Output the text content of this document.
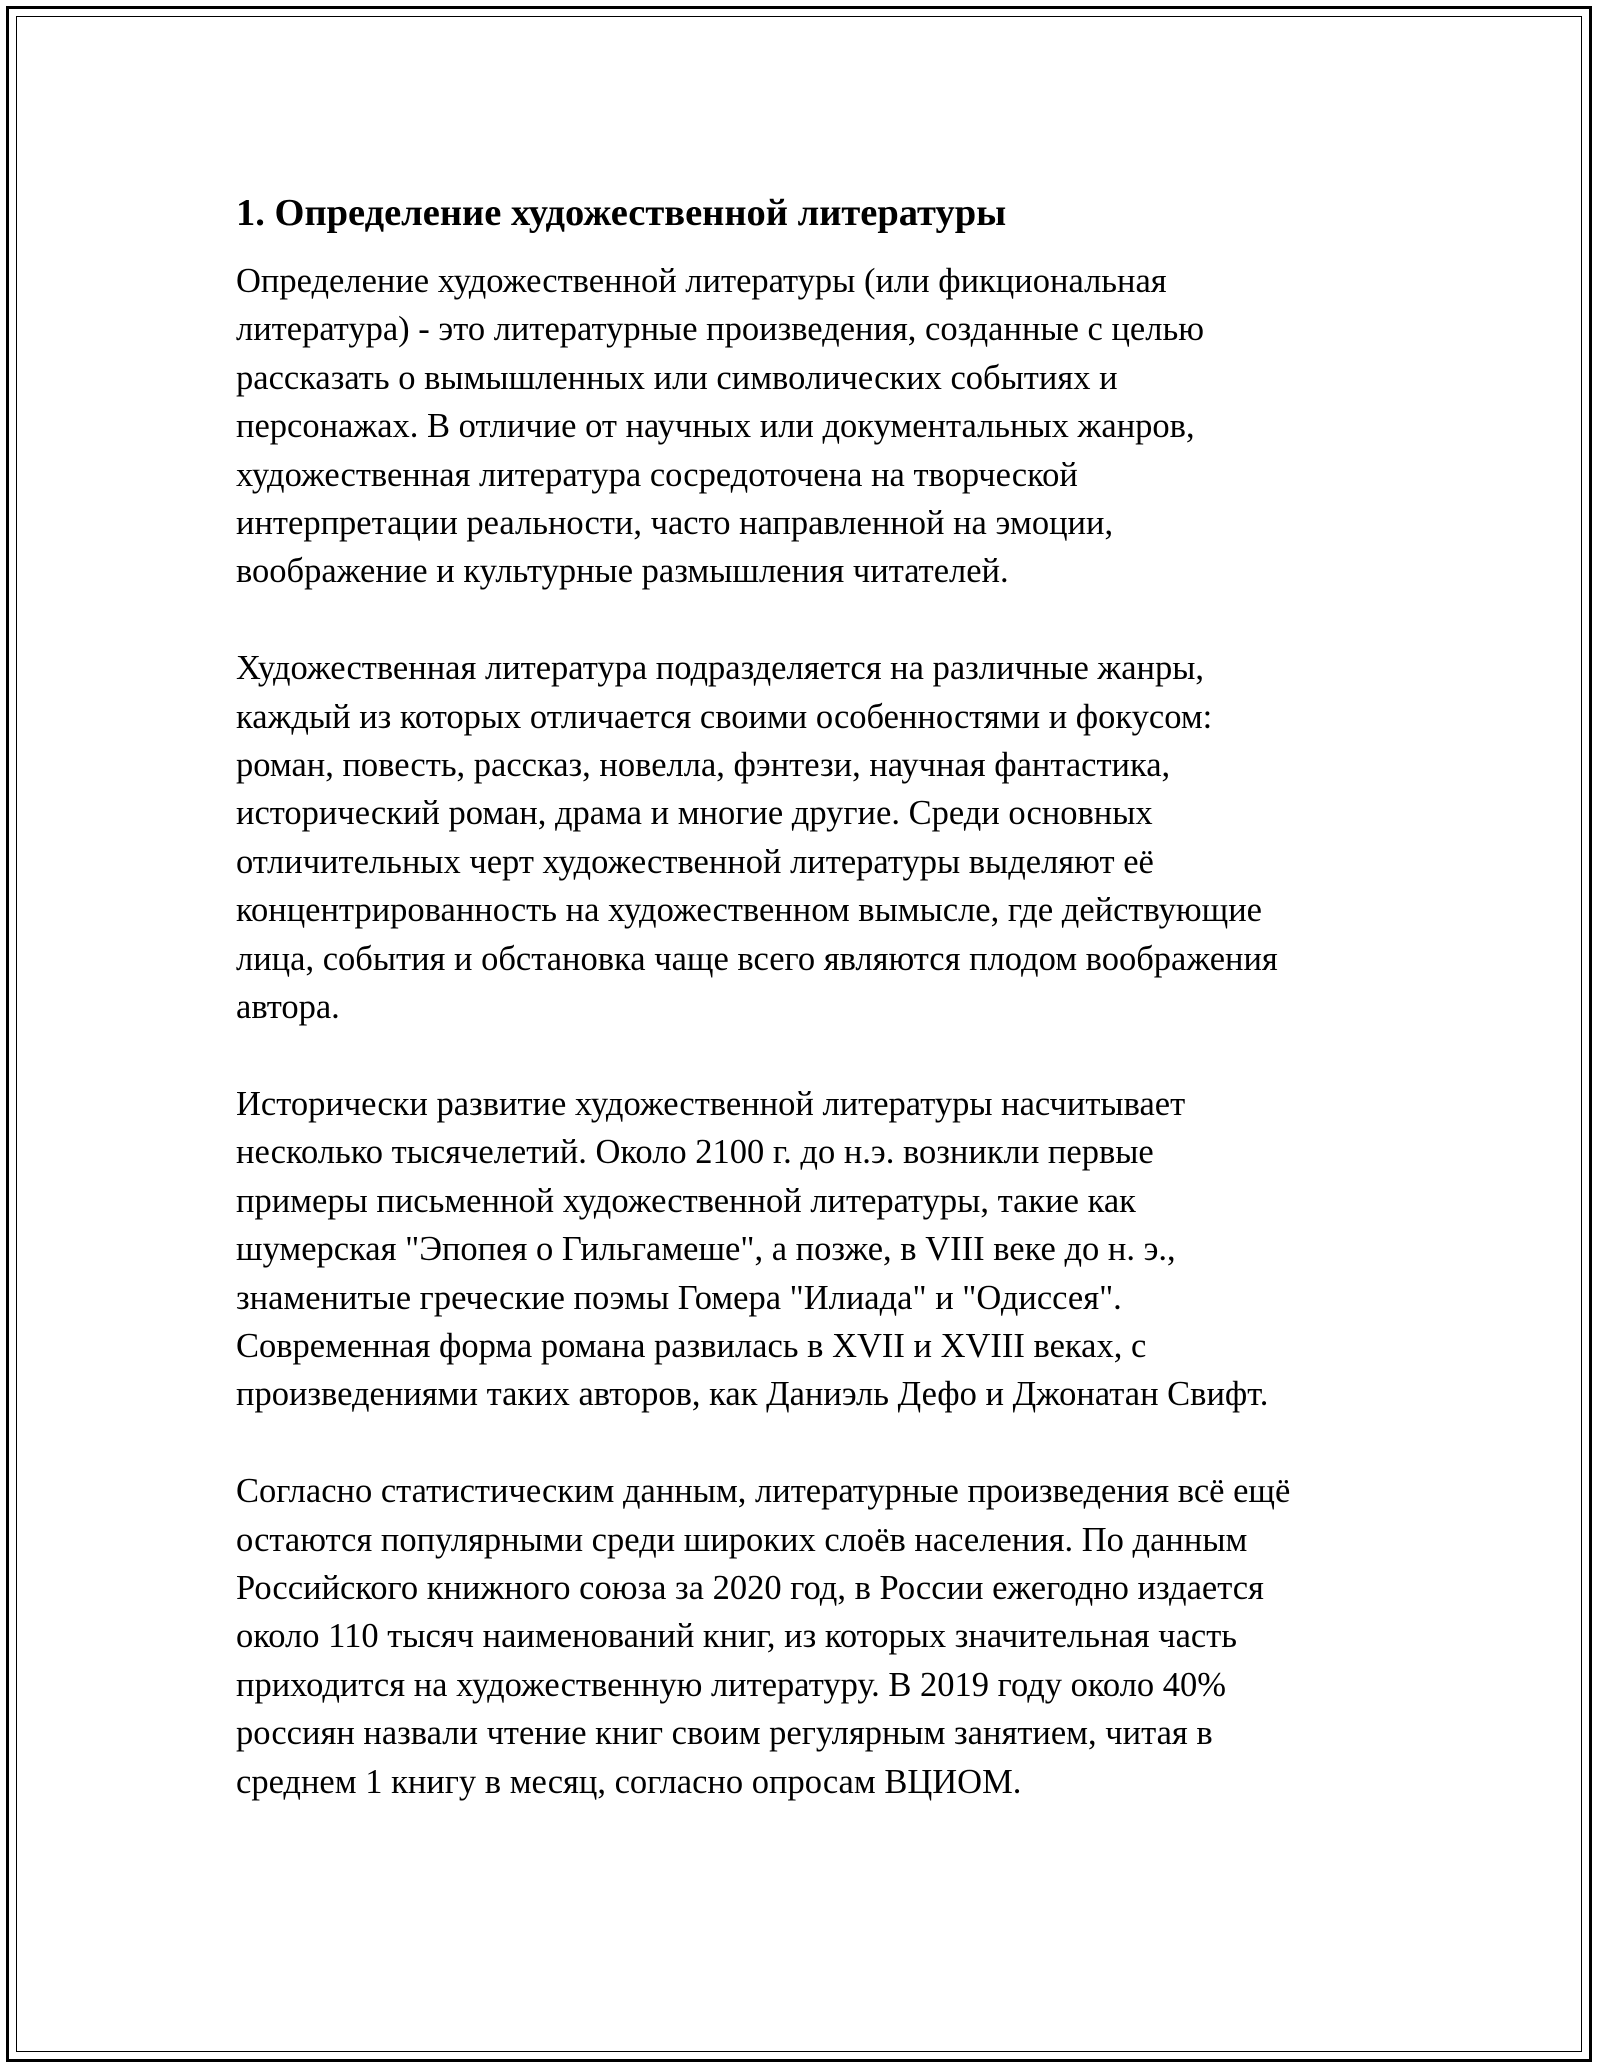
1. Определение художественной литературы

Определение художественной литературы (или фикциональная
литература) - это литературные произведения, созданные с целью
рассказать о вымышленных или символических событиях и
персонажах. В отличие от научных или документальных жанров,
художественная литература сосредоточена на творческой
интерпретации реальности, часто направленной на эмоции,
воображение и культурные размышления читателей.

Художественная литература подразделяется на различные жанры,
каждый из которых отличается своими особенностями и фокусом:
роман, повесть, рассказ, новелла, фэнтези, научная фантастика,
исторический роман, драма и многие другие. Среди основных
отличительных черт художественной литературы выделяют её
концентрированность на художественном вымысле, где действующие
лица, события и обстановка чаще всего являются плодом воображения
автора.

Исторически развитие художественной литературы насчитывает
несколько тысячелетий. Около 2100 г. до н.э. возникли первые
примеры письменной художественной литературы, такие как
шумерская "Эпопея о Гильгамеше", а позже, в VIII веке до н. э.,
знаменитые греческие поэмы Гомера "Илиада" и "Одиссея".
Современная форма романа развилась в XVII и XVIII веках, с
произведениями таких авторов, как Даниэль Дефо и Джонатан Свифт.

Согласно статистическим данным, литературные произведения всё ещё
остаются популярными среди широких слоёв населения. По данным
Российского книжного союза за 2020 год, в России ежегодно издается
около 110 тысяч наименований книг, из которых значительная часть
приходится на художественную литературу. В 2019 году около 40%
россиян назвали чтение книг своим регулярным занятием, читая в
среднем 1 книгу в месяц, согласно опросам ВЦИОМ.
